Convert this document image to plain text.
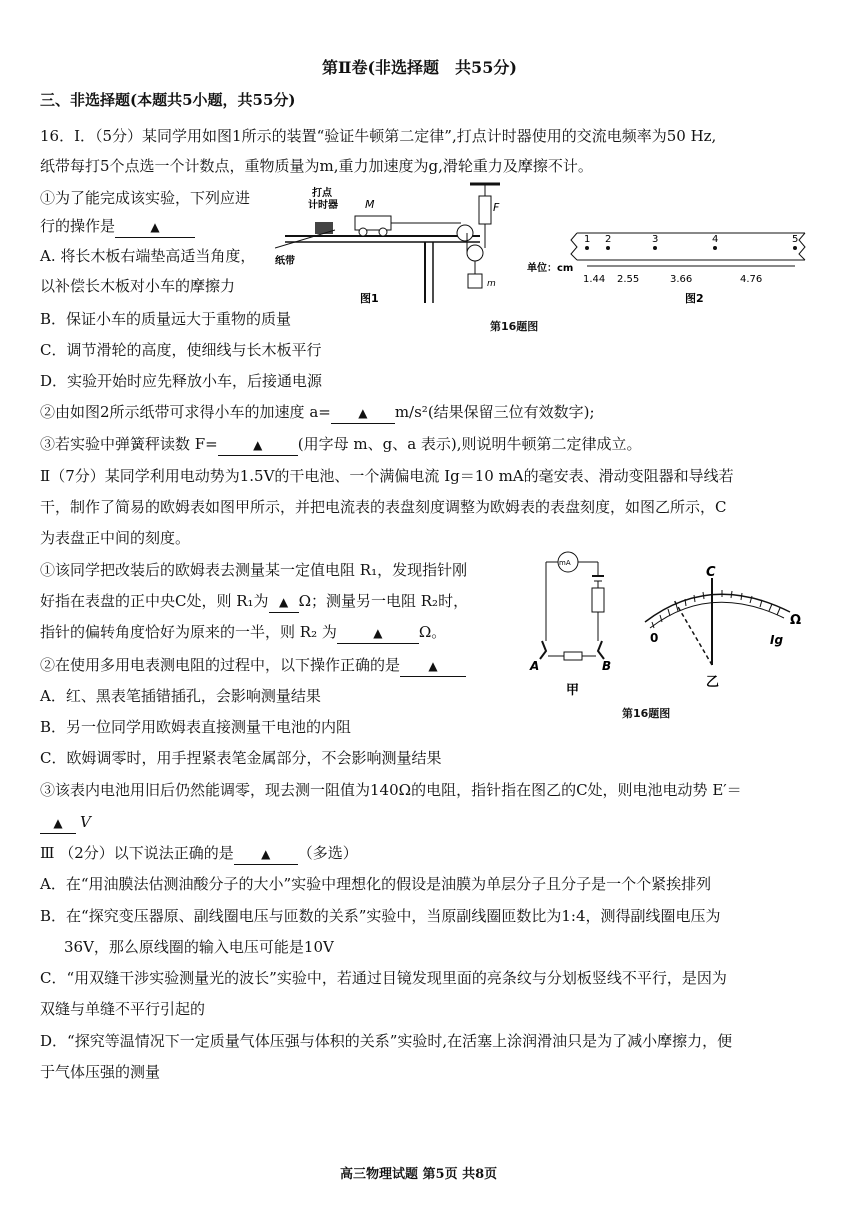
第Ⅱ卷(非选择题　共55分)
三、非选择题(本题共5小题，共55分)
16．Ⅰ．（5分）某同学用如图1所示的装置“验证牛顿第二定律”,打点计时器使用的交流电频率为50 Hz,
纸带每打5个点选一个计数点，重物质量为m,重力加速度为g,滑轮重力及摩擦不计。
①为了能完成该实验，下列应进
行的操作是	▲
A. 将长木板右端垫高适当角度，
以补偿长木板对小车的摩擦力
B．保证小车的质量远大于重物的质量
C．调节滑轮的高度，使细线与长木板平行
D．实验开始时应先释放小车，后接通电源
②由如图2所示纸带可求得小车的加速度 a= ▲ m/s²(结果保留三位有效数字);
③若实验中弹簧秤读数 F=	▲ (用字母 m、g、a 表示),则说明牛顿第二定律成立。
Ⅱ（7分）某同学利用电动势为1.5V的干电池、一个满偏电流 Ig＝10 mA的毫安表、滑动变阻器和导线若
干，制作了简易的欧姆表如图甲所示，并把电流表的表盘刻度调整为欧姆表的表盘刻度，如图乙所示，C
为表盘正中间的刻度。
①该同学把改装后的欧姆表去测量某一定值电阻 R₁，发现指针刚
好指在表盘的正中央C处，则 R₁为 ▲ Ω；测量另一电阻 R₂时，
指针的偏转角度恰好为原来的一半，则 R₂ 为	▲ Ω。
②在使用多用电表测电阻的过程中，以下操作正确的是 ▲
A．红、黑表笔插错插孔，会影响测量结果
B．另一位同学用欧姆表直接测量干电池的内阻
C．欧姆调零时，用手捏紧表笔金属部分，不会影响测量结果
③该表内电池用旧后仍然能调零，现去测一阻值为140Ω的电阻，指针指在图乙的C处，则电池电动势 E′＝
▲ V
Ⅲ （2分）以下说法正确的是 ▲ （多选）
A．在“用油膜法估测油酸分子的大小”实验中理想化的假设是油膜为单层分子且分子是一个个紧挨排列
B．在“探究变压器原、副线圈电压与匝数的关系”实验中，当原副线圈匝数比为1:4，测得副线圈电压为
36V，那么原线圈的输入电压可能是10V
C．“用双缝干涉实验测量光的波长”实验中，若通过目镜发现里面的亮条纹与分划板竖线不平行，是因为
双缝与单缝不平行引起的
D．“探究等温情况下一定质量气体压强与体积的关系”实验时,在活塞上涂润滑油只是为了减小摩擦力，便
于气体压强的测量
打点
计时器 M	F
m
纸带
图1
1 2	3	4	5
单位：cm
1.44 2.55	3.66	4.76
图2
第16题图
mA
A	B
甲
C
0
Ω
Ig
乙
第16题图
高三物理试题 第5页 共8页
